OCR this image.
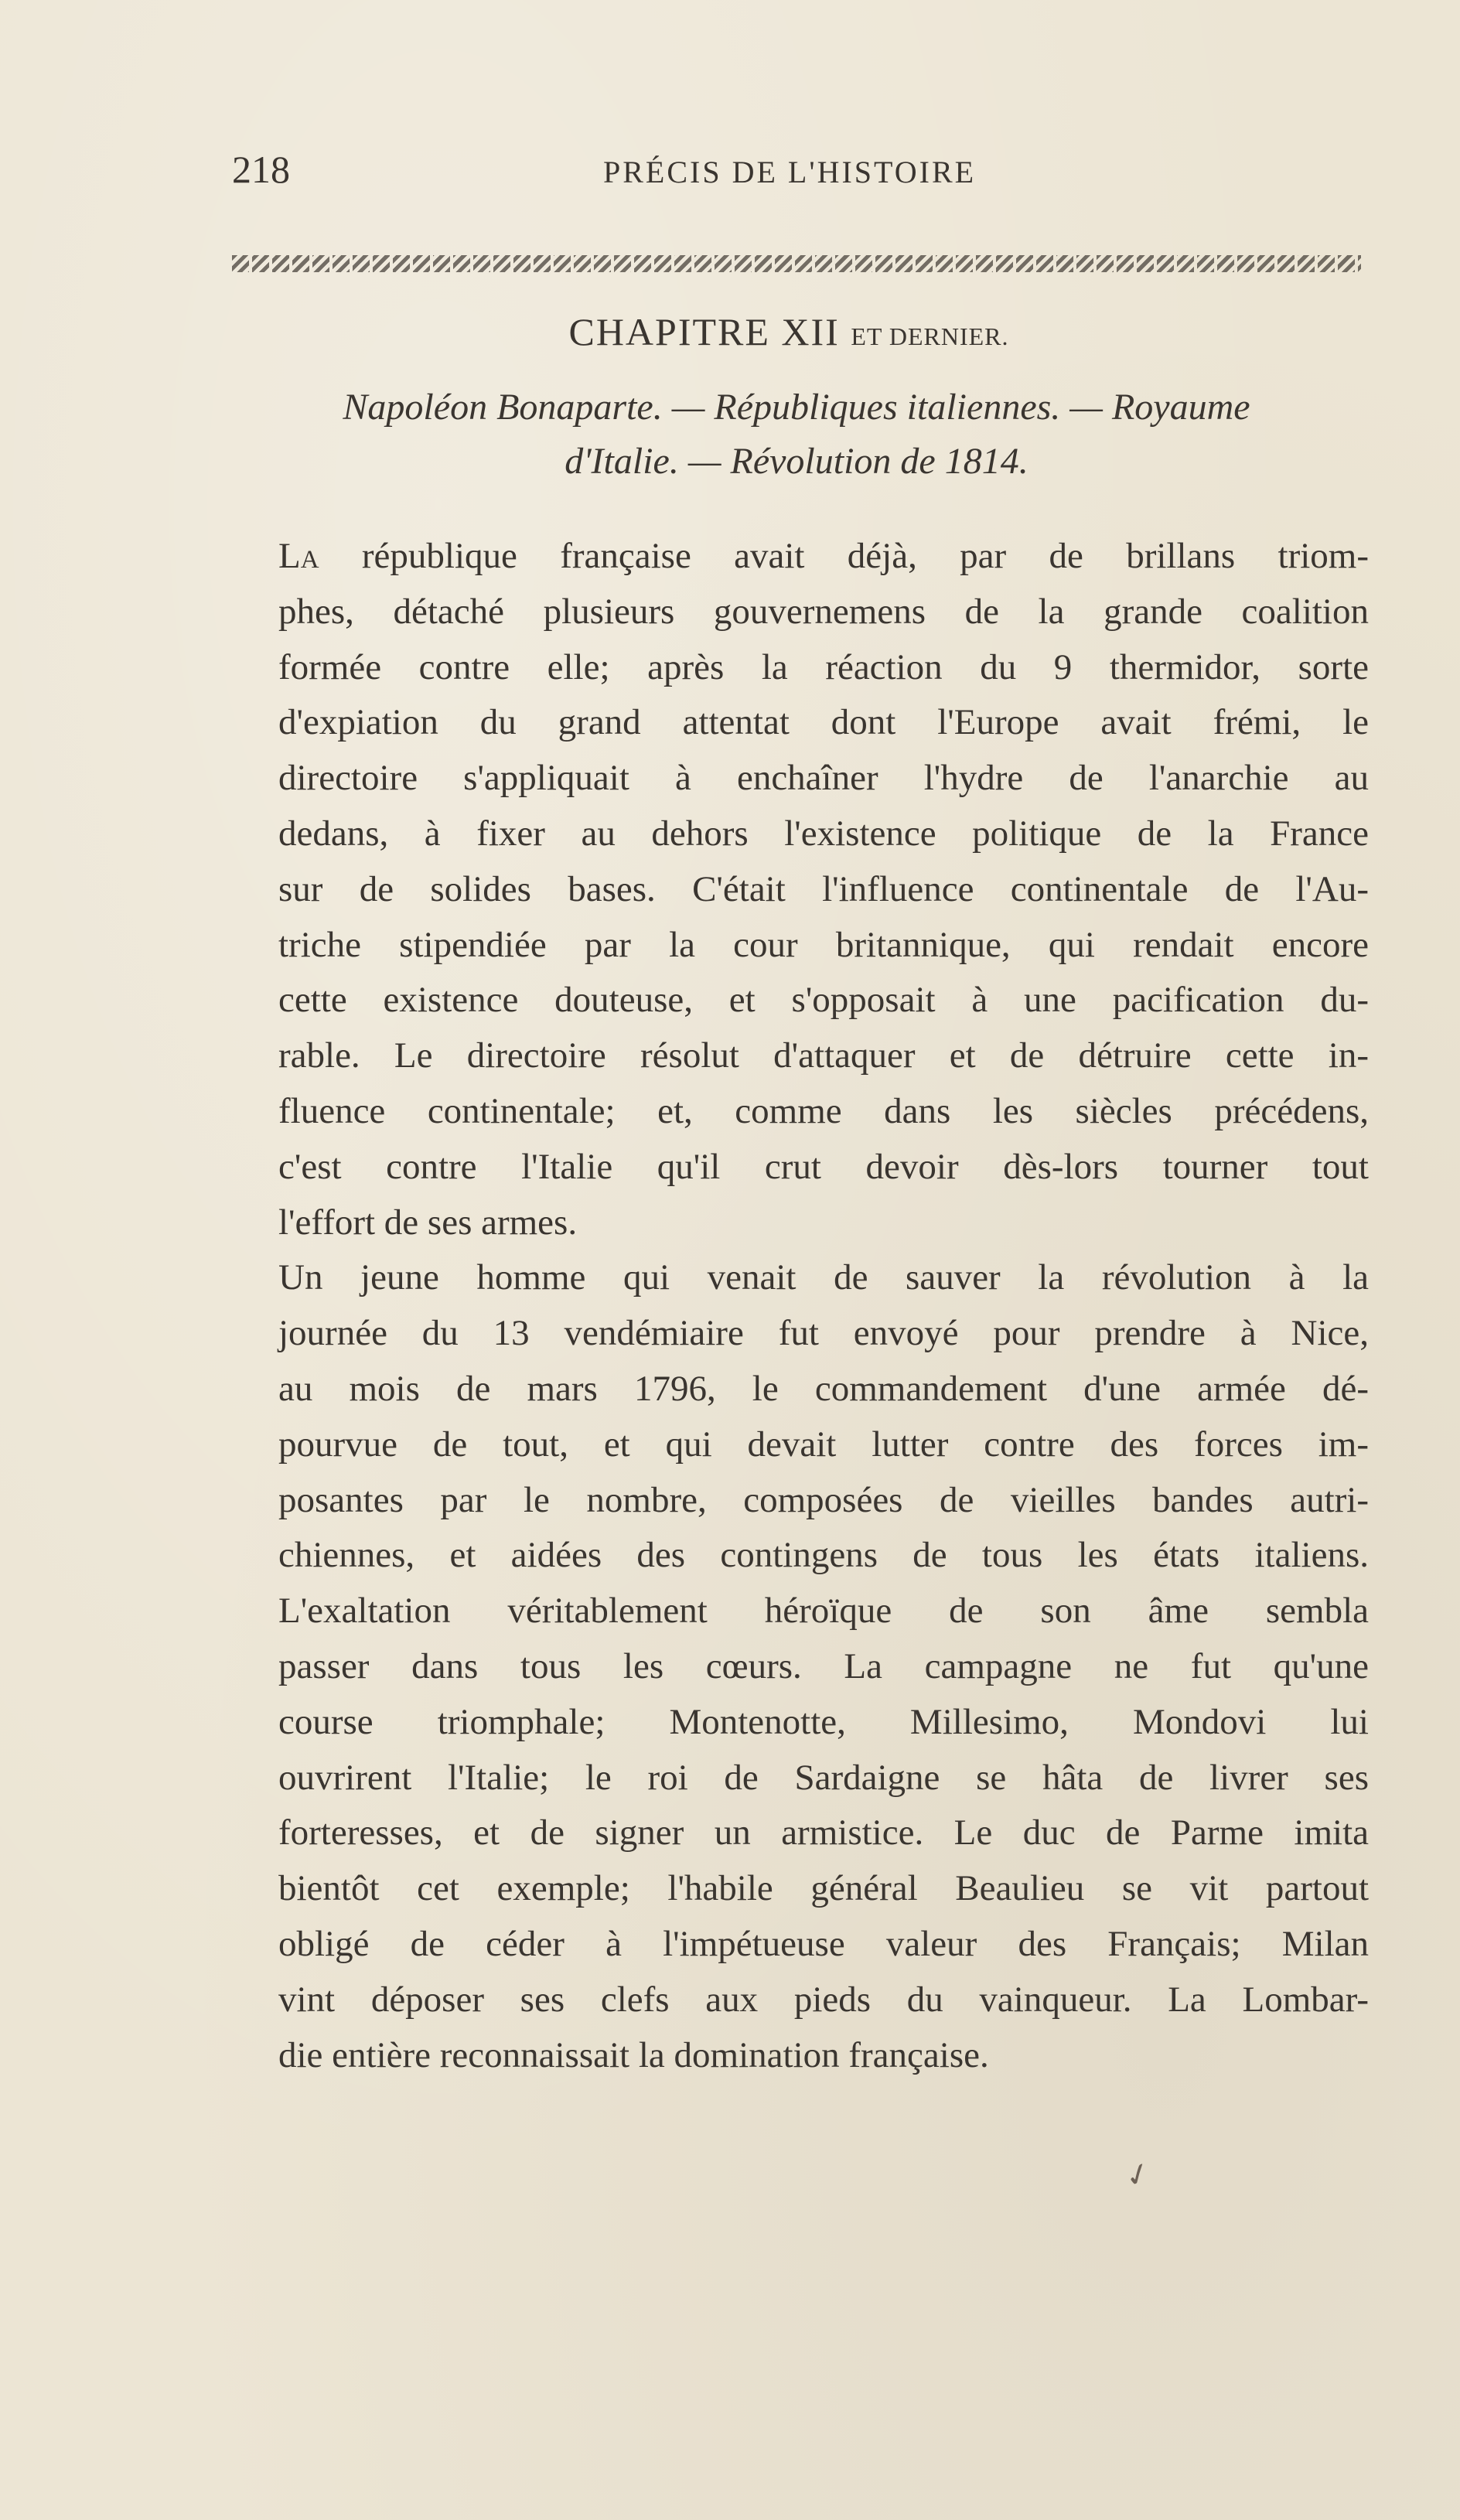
218	PRÉCIS DE L'HISTOIRE
CHAPITRE XII ET DERNIER.
Napoléon Bonaparte. — Républiques italiennes. — Royaume
d'Italie. — Révolution de 1814.

La république française avait déjà, par de brillans triom-
phes, détaché plusieurs gouvernemens de la grande coalition
formée contre elle; après la réaction du 9 thermidor, sorte
d'expiation du grand attentat dont l'Europe avait frémi, le
directoire s'appliquait à enchaîner l'hydre de l'anarchie au
dedans, à fixer au dehors l'existence politique de la France
sur de solides bases. C'était l'influence continentale de l'Au-
triche stipendiée par la cour britannique, qui rendait encore
cette existence douteuse, et s'opposait à une pacification du-
rable. Le directoire résolut d'attaquer et de détruire cette in-
fluence continentale; et, comme dans les siècles précédens,
c'est contre l'Italie qu'il crut devoir dès-lors tourner tout
l'effort de ses armes.

Un jeune homme qui venait de sauver la révolution à la
journée du 13 vendémiaire fut envoyé pour prendre à Nice,
au mois de mars 1796, le commandement d'une armée dé-
pourvue de tout, et qui devait lutter contre des forces im-
posantes par le nombre, composées de vieilles bandes autri-
chiennes, et aidées des contingens de tous les états italiens.
L'exaltation véritablement héroïque de son âme sembla
passer dans tous les cœurs. La campagne ne fut qu'une
course triomphale; Montenotte, Millesimo, Mondovi lui
ouvrirent l'Italie; le roi de Sardaigne se hâta de livrer ses
forteresses, et de signer un armistice. Le duc de Parme imita
bientôt cet exemple; l'habile général Beaulieu se vit partout
obligé de céder à l'impétueuse valeur des Français; Milan
vint déposer ses clefs aux pieds du vainqueur. La Lombar-
die entière reconnaissait la domination française.

✓
